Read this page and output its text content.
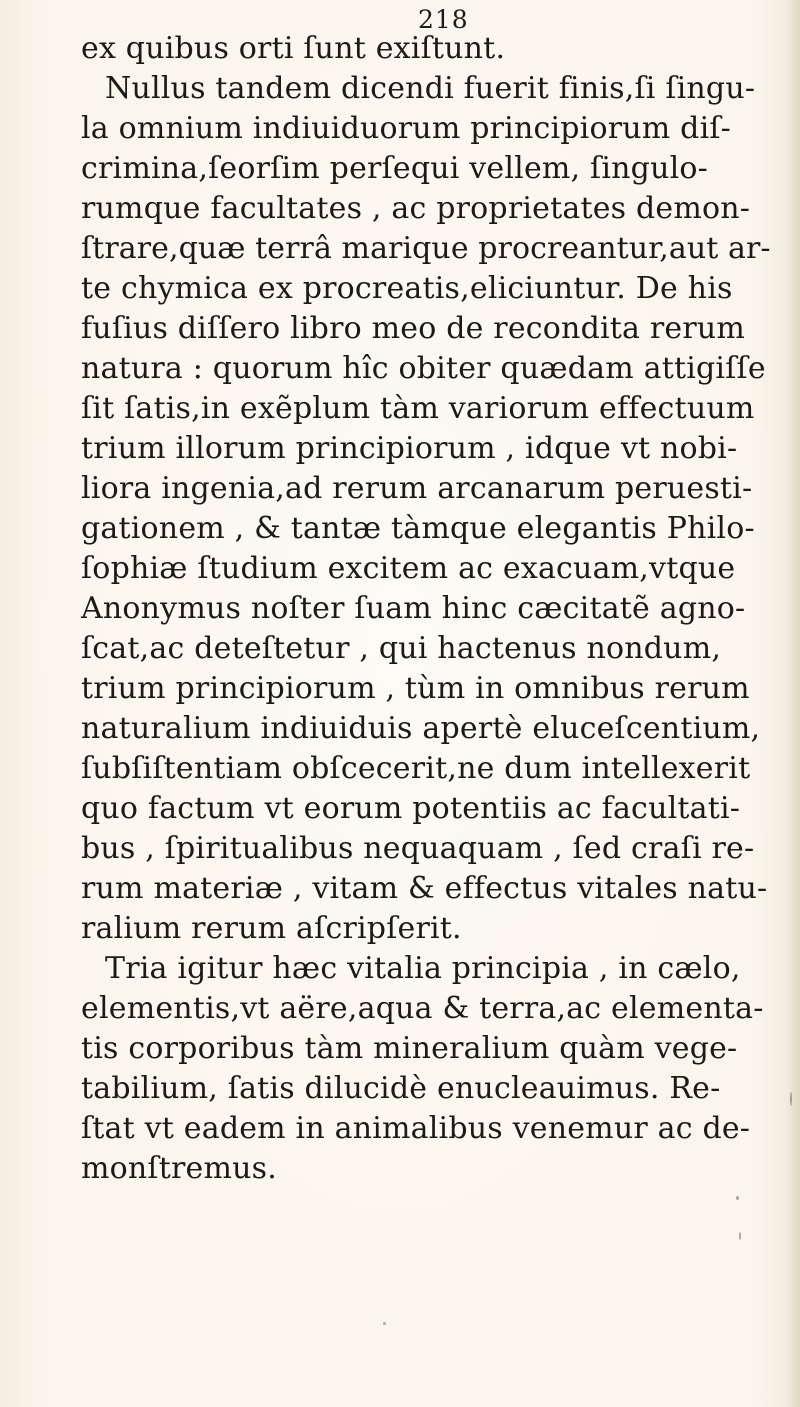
218
ex quibus orti ſunt exiſtunt.
Nullus tandem dicendi fuerit finis,ſi ſingu-
la omnium indiuiduorum principiorum diſ-
crimina,ſeorſim perſequi vellem, ſingulo-
rumque facultates , ac proprietates demon-
ſtrare,quæ terrâ marique procreantur,aut ar-
te chymica ex procreatis,eliciuntur. De his
fuſius diſſero libro meo de recondita rerum
natura : quorum hîc obiter quædam attigiſſe
ſit ſatis,in exẽplum tàm variorum effectuum
trium illorum principiorum , idque vt nobi-
liora ingenia,ad rerum arcanarum peruesti-
gationem , & tantæ tàmque elegantis Philo-
ſophiæ ſtudium excitem ac exacuam,vtque
Anonymus noſter ſuam hinc cæcitatẽ agno-
ſcat,ac deteſtetur , qui hactenus nondum,
trium principiorum , tùm in omnibus rerum
naturalium indiuiduis apertè eluceſcentium,
ſubſiſtentiam obſcecerit,ne dum intellexerit
quo factum vt eorum potentiis ac facultati-
bus , ſpiritualibus nequaquam , ſed craſi re-
rum materiæ , vitam & effectus vitales natu-
ralium rerum aſcripſerit.
Tria igitur hæc vitalia principia , in cælo,
elementis,vt aëre,aqua & terra,ac elementa-
tis corporibus tàm mineralium quàm vege-
tabilium, ſatis dilucidè enucleauimus. Re-
ſtat vt eadem in animalibus venemur ac de-
monſtremus.
